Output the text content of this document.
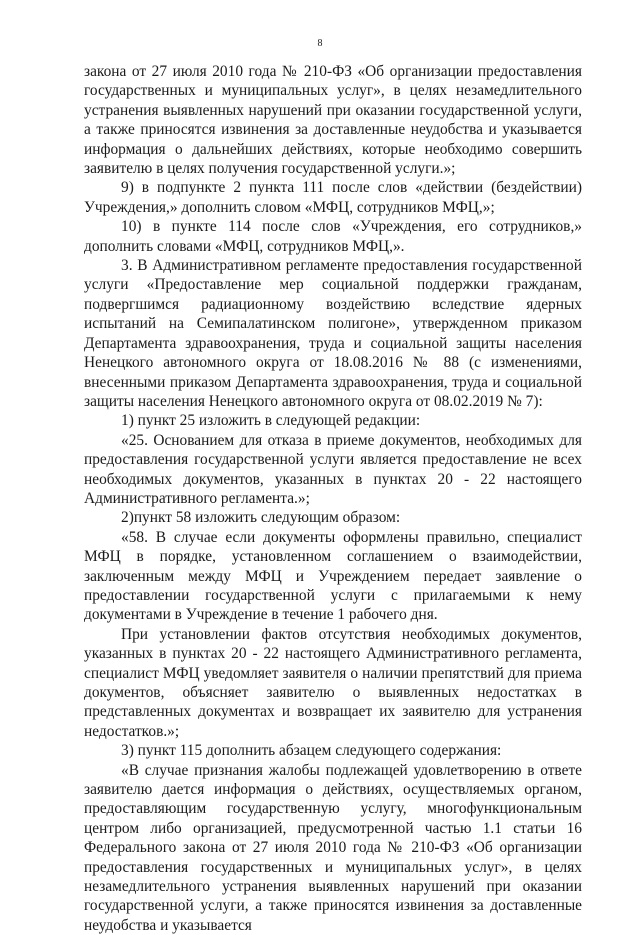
8

закона от 27 июля 2010 года № 210-ФЗ «Об организации предоставления государственных и муниципальных услуг», в целях незамедлительного устранения выявленных нарушений при оказании государственной услуги, а также приносятся извинения за доставленные неудобства и указывается информация о дальнейших действиях, которые необходимо совершить заявителю в целях получения государственной услуги.»;

9) в подпункте 2 пункта 111 после слов «действии (бездействии) Учреждения,» дополнить словом «МФЦ, сотрудников МФЦ,»;

10) в пункте 114 после слов «Учреждения, его сотрудников,» дополнить словами «МФЦ, сотрудников МФЦ,».

3. В Административном регламенте предоставления государственной услуги «Предоставление мер социальной поддержки гражданам, подвергшимся радиационному воздействию вследствие ядерных испытаний на Семипалатинском полигоне», утвержденном приказом Департамента здравоохранения, труда и социальной защиты населения Ненецкого автономного округа от 18.08.2016 № 88 (с изменениями, внесенными приказом Департамента здравоохранения, труда и социальной защиты населения Ненецкого автономного округа от 08.02.2019 № 7):

1) пункт 25 изложить в следующей редакции:

«25. Основанием для отказа в приеме документов, необходимых для предоставления государственной услуги является предоставление не всех необходимых документов, указанных в пунктах 20 - 22 настоящего Административного регламента.»;

2)пункт 58 изложить следующим образом:

«58. В случае если документы оформлены правильно, специалист МФЦ в порядке, установленном соглашением о взаимодействии, заключенным между МФЦ и Учреждением передает заявление о предоставлении государственной услуги с прилагаемыми к нему документами в Учреждение в течение 1 рабочего дня.

При установлении фактов отсутствия необходимых документов, указанных в пунктах 20 - 22 настоящего Административного регламента, специалист МФЦ уведомляет заявителя о наличии препятствий для приема документов, объясняет заявителю о выявленных недостатках в представленных документах и возвращает их заявителю для устранения недостатков.»;

3) пункт 115 дополнить абзацем следующего содержания:

«В случае признания жалобы подлежащей удовлетворению в ответе заявителю дается информация о действиях, осуществляемых органом, предоставляющим государственную услугу, многофункциональным центром либо организацией, предусмотренной частью 1.1 статьи 16 Федерального закона от 27 июля 2010 года № 210-ФЗ «Об организации предоставления государственных и муниципальных услуг», в целях незамедлительного устранения выявленных нарушений при оказании государственной услуги, а также приносятся извинения за доставленные неудобства и указывается
